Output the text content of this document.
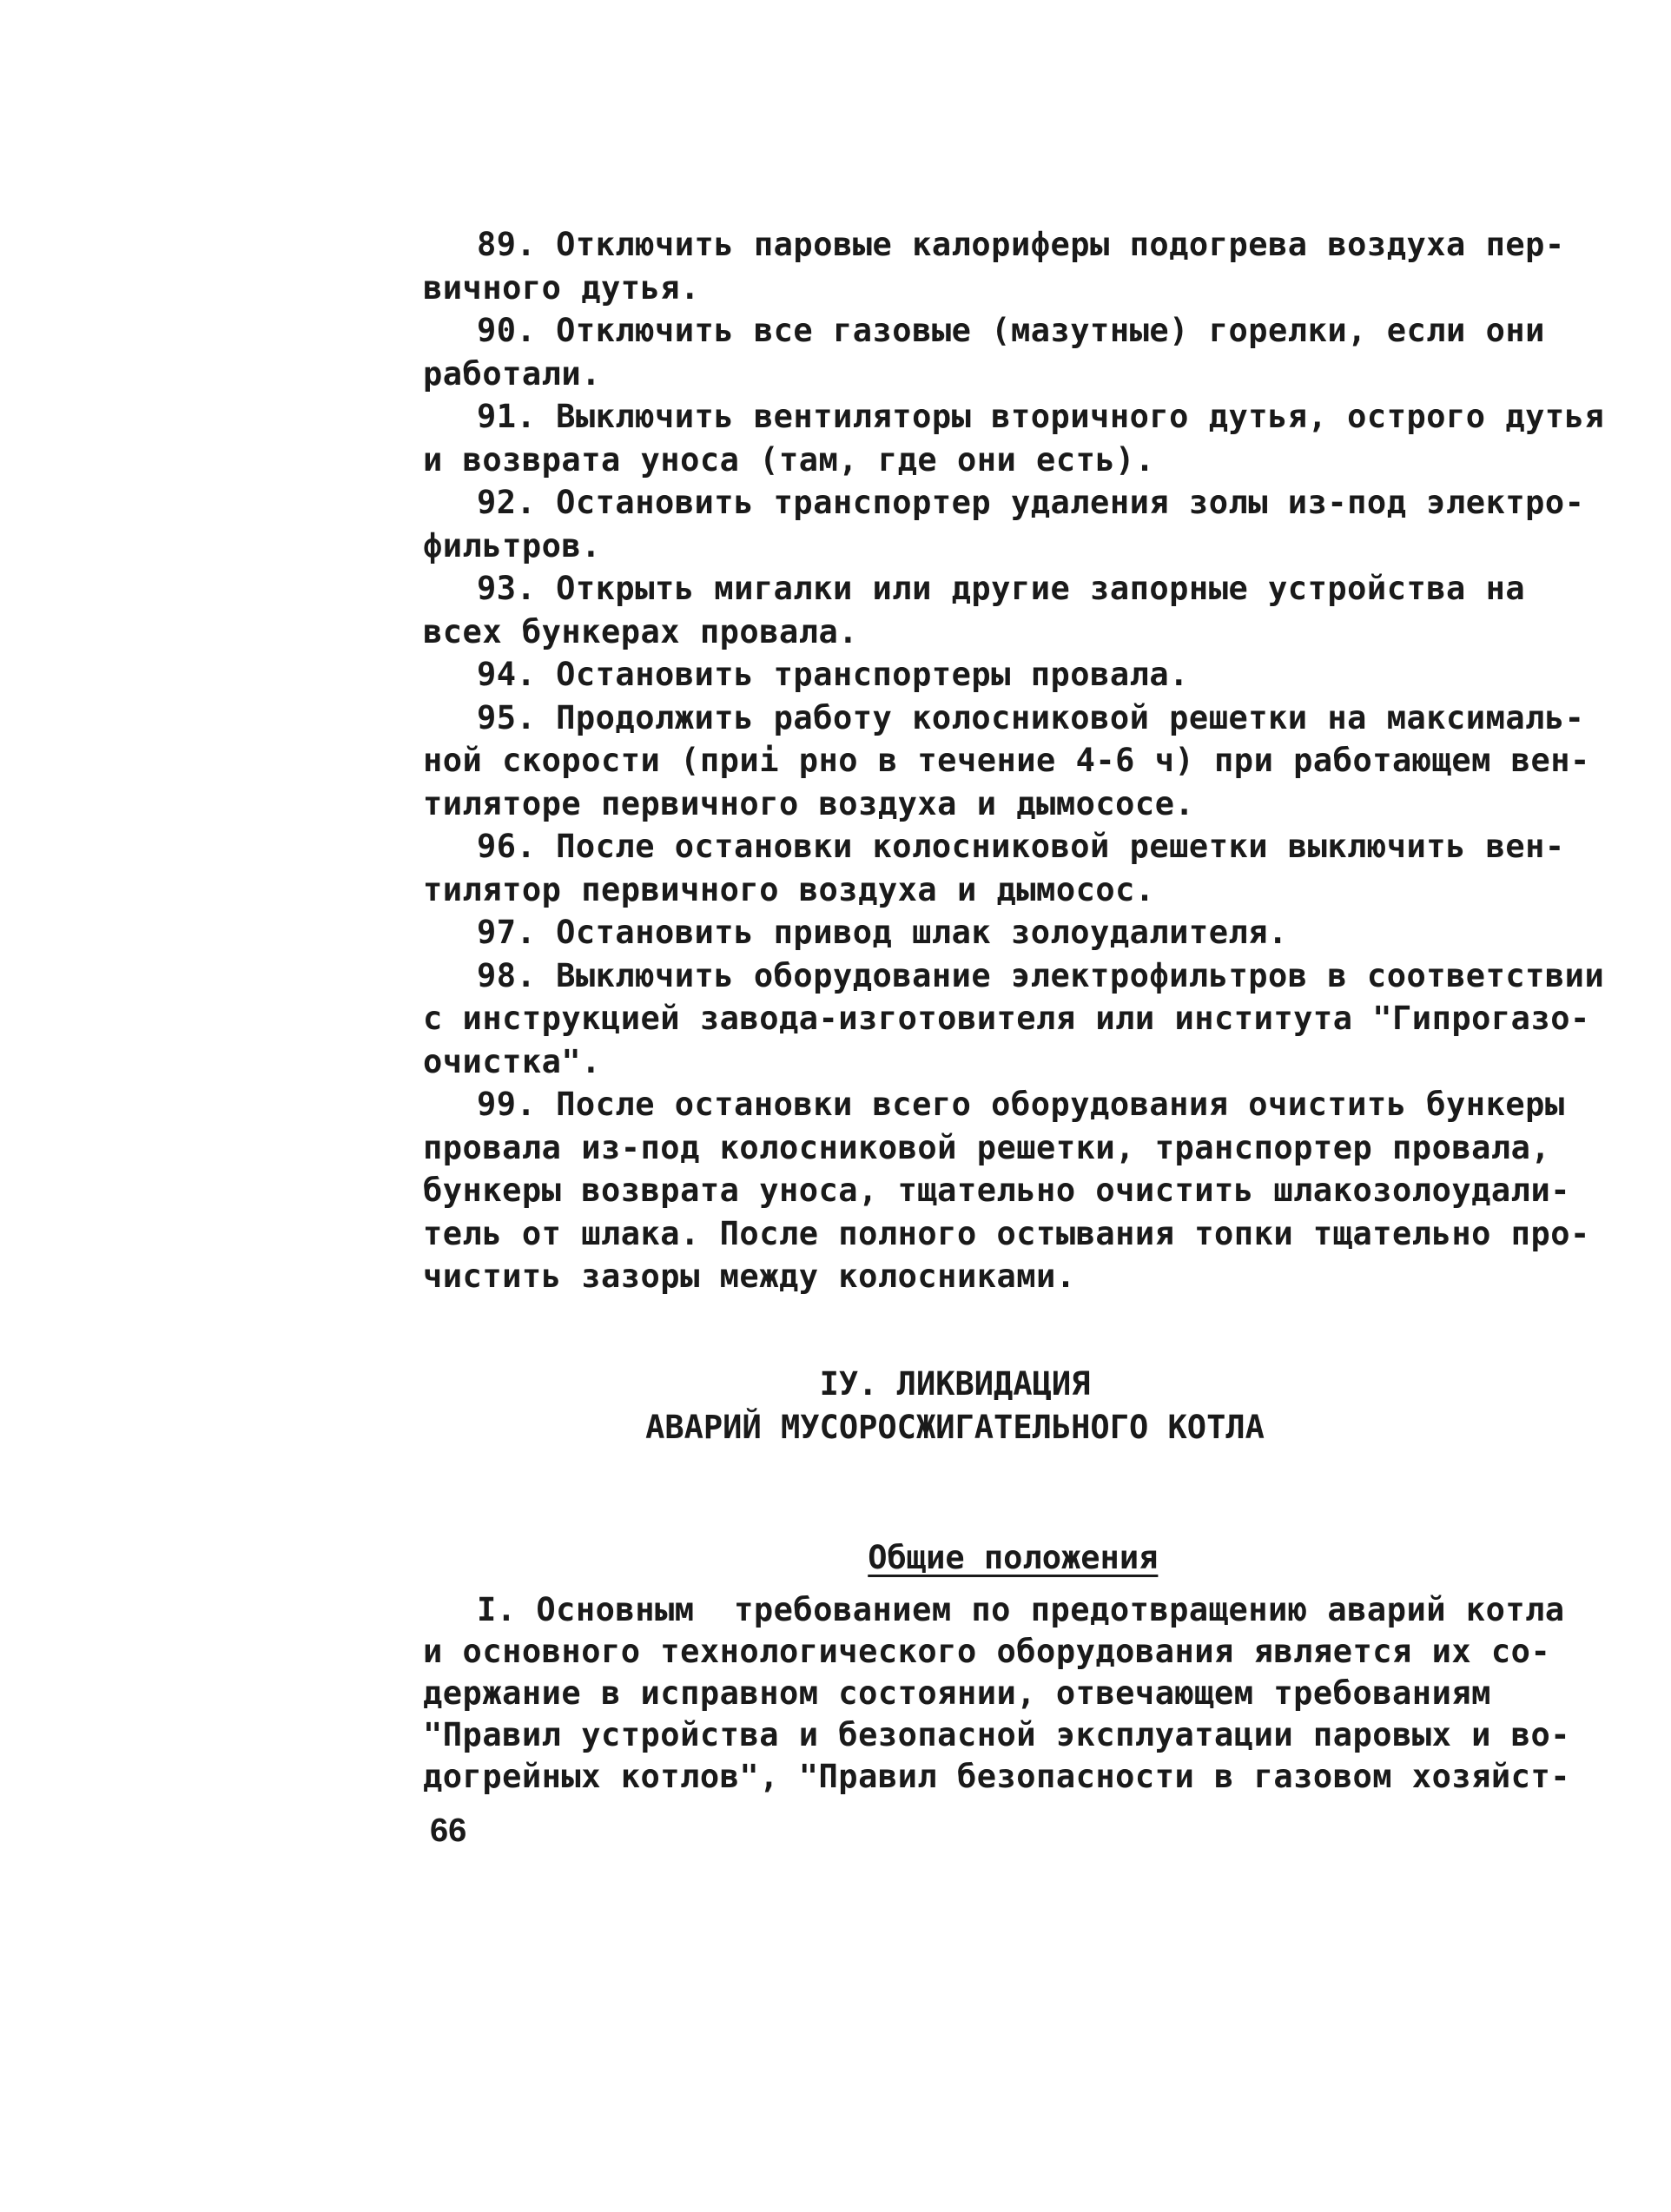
89. Отключить паровые калориферы подогрева воздуха пер-
вичного дутья.
90. Отключить все газовые (мазутные) горелки, если они
работали.
91. Выключить вентиляторы вторичного дутья, острого дутья
и возврата уноса (там, где они есть).
92. Остановить транспортер удаления золы из-под электро-
фильтров.
93. Открыть мигалки или другие запорные устройства на
всех бункерах провала.
94. Остановить транспортеры провала.
95. Продолжить работу колосниковой решетки на максималь-
ной скорости (приі рно в течение 4-6 ч) при работающем вен-
тиляторе первичного воздуха и дымососе.
96. После остановки колосниковой решетки выключить вен-
тилятор первичного воздуха и дымосос.
97. Остановить привод шлак золоудалителя.
98. Выключить оборудование электрофильтров в соответствии
с инструкцией завода-изготовителя или института "Гипрогазо-
очистка".
99. После остановки всего оборудования очистить бункеры
провала из-под колосниковой решетки, транспортер провала,
бункеры возврата уноса, тщательно очистить шлакозолоудали-
тель от шлака. После полного остывания топки тщательно про-
чистить зазоры между колосниками.
IУ. ЛИКВИДАЦИЯ
АВАРИЙ МУСОРОСЖИГАТЕЛЬНОГО КОТЛА

Общие положения

I. Основным  требованием по предотвращению аварий котла
и основного технологического оборудования является их со-
держание в исправном состоянии, отвечающем требованиям
"Правил устройства и безопасной эксплуатации паровых и во-
догрейных котлов", "Правил безопасности в газовом хозяйст-
66
